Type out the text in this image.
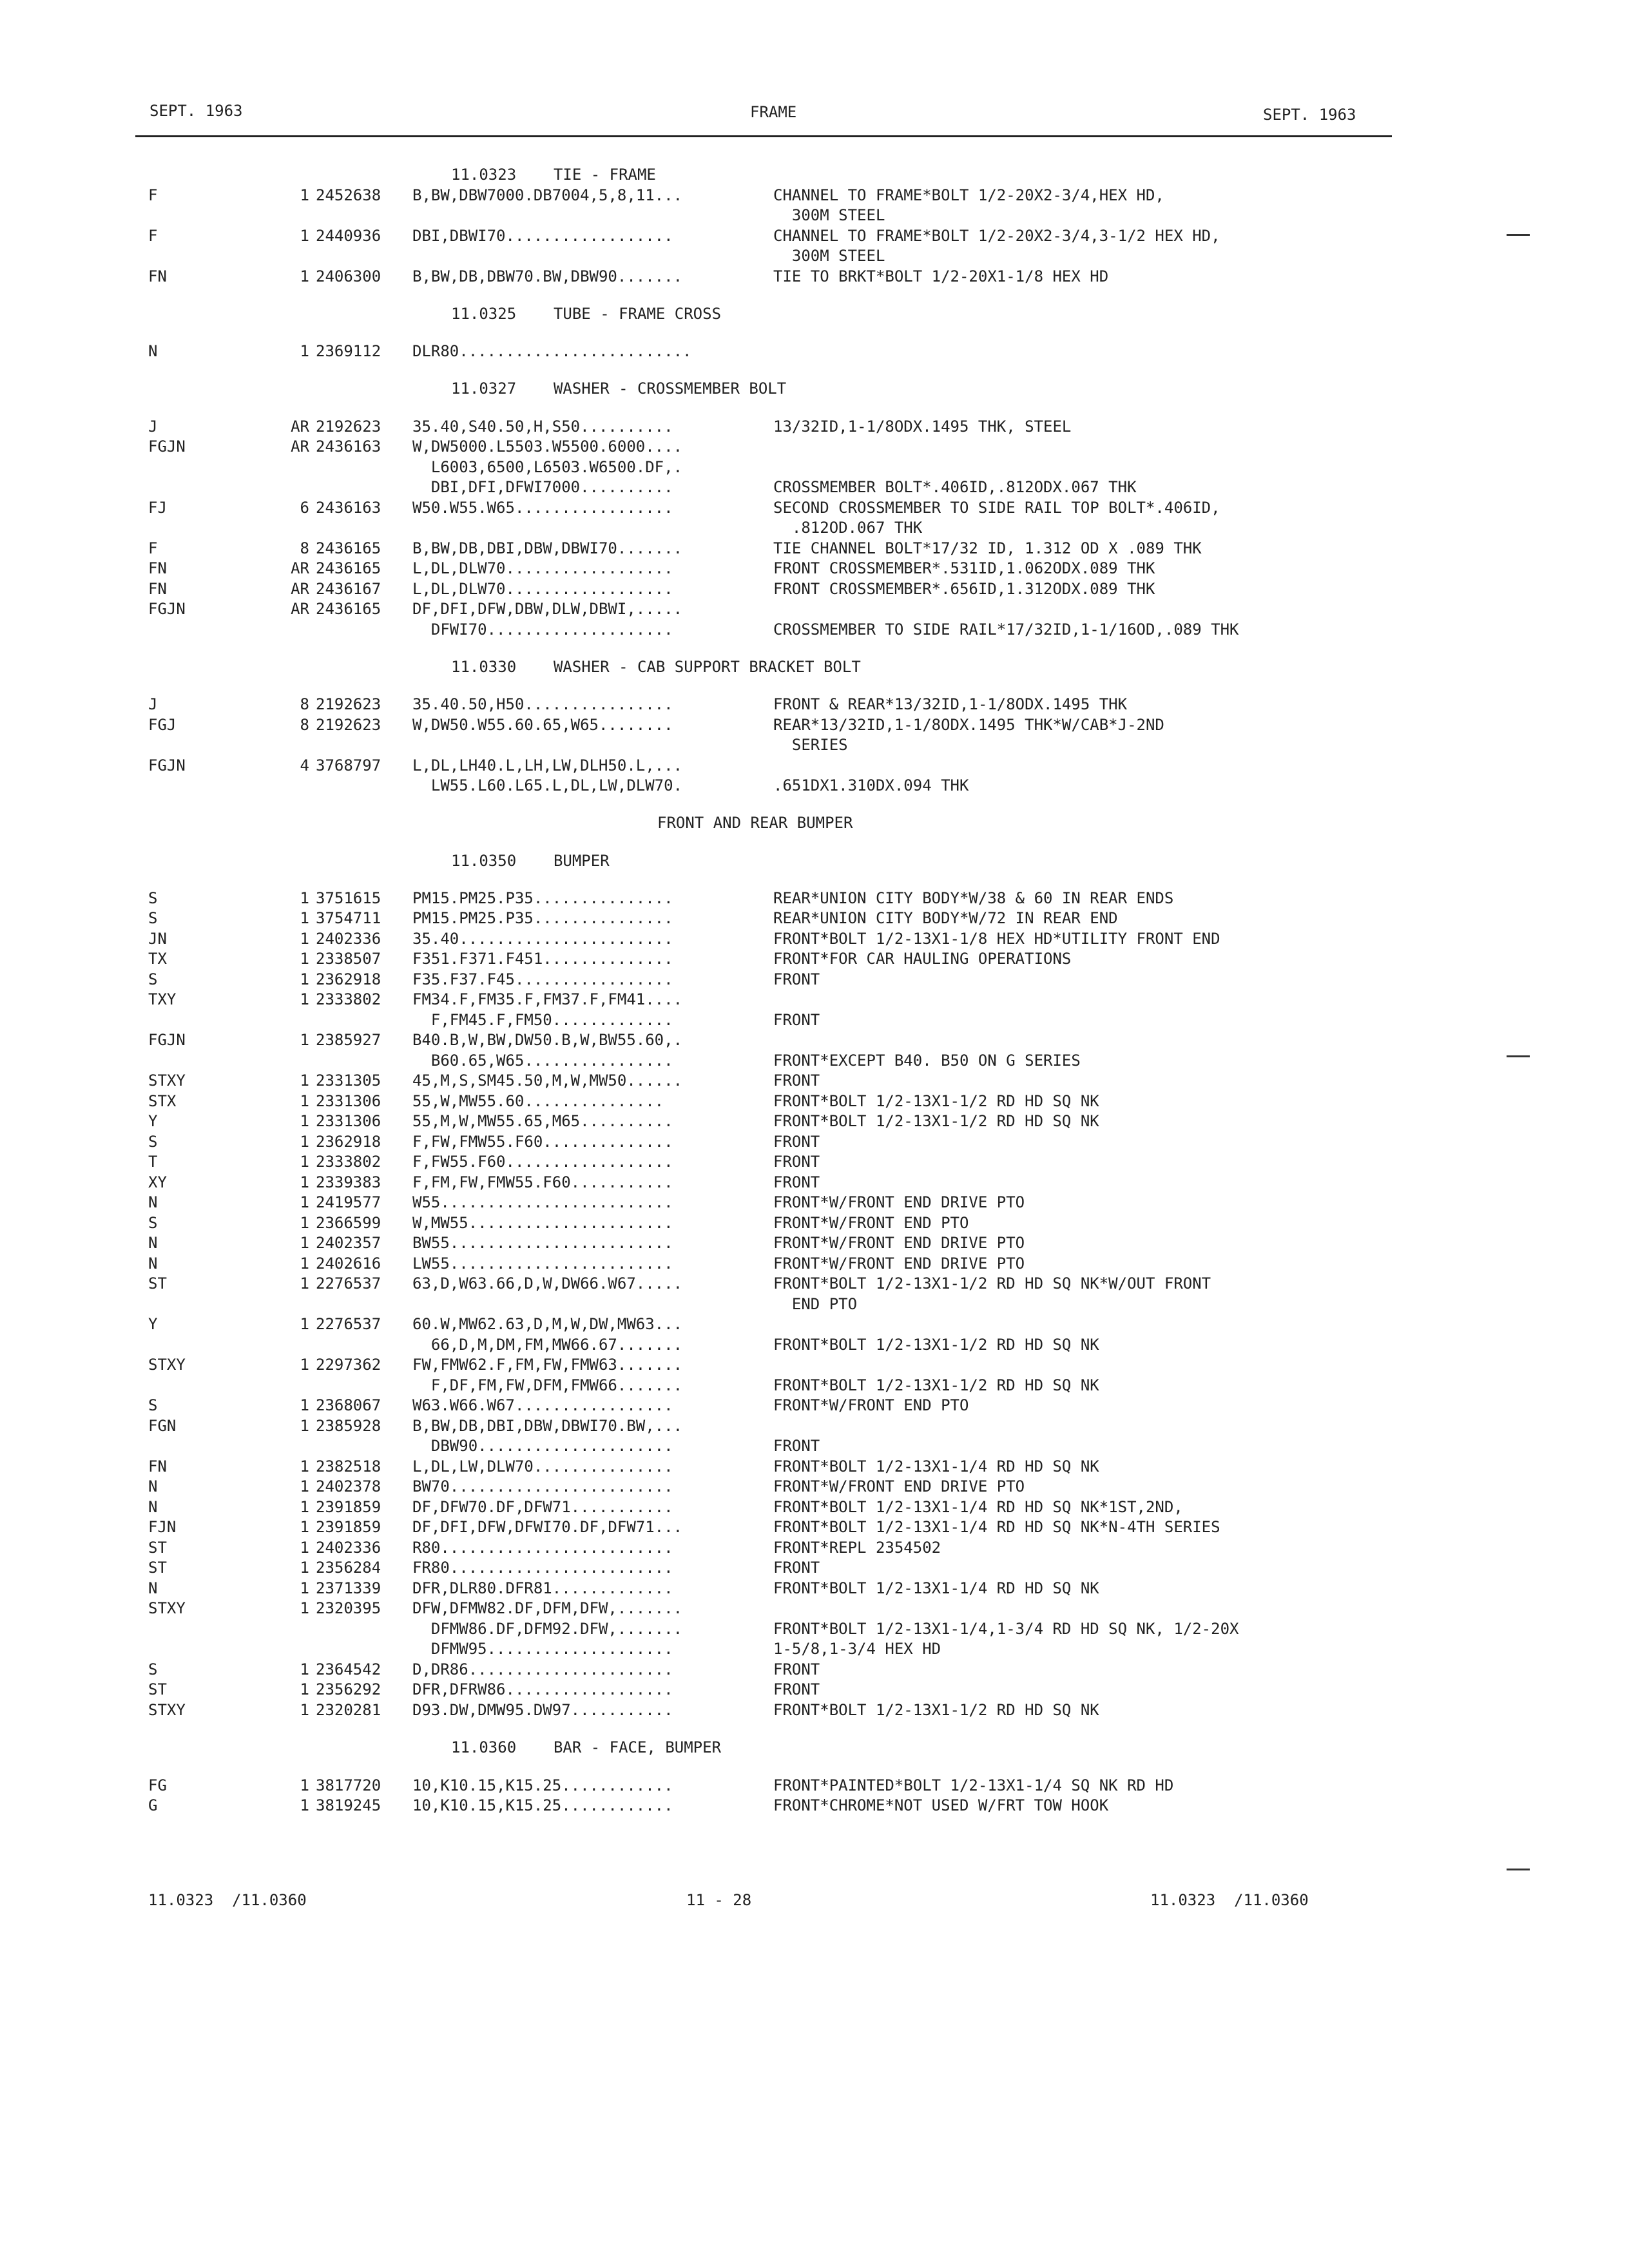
SEPT. 1963	FRAME	SEPT. 1963
11.0323    TIE - FRAME
F	1 2452638 B,BW,DBW7000.DB7004,5,8,11...	CHANNEL TO FRAME*BOLT 1/2-20X2-3/4,HEX HD,
300M STEEL
F	1 2440936 DBI,DBWI70..................	CHANNEL TO FRAME*BOLT 1/2-20X2-3/4,3-1/2 HEX HD,
300M STEEL
FN	1 2406300 B,BW,DB,DBW70.BW,DBW90.......	TIE TO BRKT*BOLT 1/2-20X1-1/8 HEX HD
11.0325    TUBE - FRAME CROSS
N	1 2369112 DLR80.........................
11.0327    WASHER - CROSSMEMBER BOLT
J	AR 2192623 35.40,S40.50,H,S50..........	13/32ID,1-1/8ODX.1495 THK, STEEL
FGJN	AR 2436163 W,DW5000.L5503.W5500.6000....
L6003,6500,L6503.W6500.DF,.
DBI,DFI,DFWI7000..........	CROSSMEMBER BOLT*.406ID,.812ODX.067 THK
FJ	6 2436163 W50.W55.W65.................	SECOND CROSSMEMBER TO SIDE RAIL TOP BOLT*.406ID,
.812OD.067 THK
F	8 2436165 B,BW,DB,DBI,DBW,DBWI70.......	TIE CHANNEL BOLT*17/32 ID, 1.312 OD X .089 THK
FN	AR 2436165 L,DL,DLW70..................	FRONT CROSSMEMBER*.531ID,1.062ODX.089 THK
FN	AR 2436167 L,DL,DLW70..................	FRONT CROSSMEMBER*.656ID,1.312ODX.089 THK
FGJN	AR 2436165 DF,DFI,DFW,DBW,DLW,DBWI,.....
DFWI70....................	CROSSMEMBER TO SIDE RAIL*17/32ID,1-1/16OD,.089 THK
11.0330    WASHER - CAB SUPPORT BRACKET BOLT
J	8 2192623 35.40.50,H50................	FRONT & REAR*13/32ID,1-1/8ODX.1495 THK
FGJ	8 2192623 W,DW50.W55.60.65,W65........	REAR*13/32ID,1-1/8ODX.1495 THK*W/CAB*J-2ND
SERIES
FGJN	4 3768797 L,DL,LH40.L,LH,LW,DLH50.L,...
LW55.L60.L65.L,DL,LW,DLW70.	.651DX1.310DX.094 THK
FRONT AND REAR BUMPER
11.0350    BUMPER
S	1 3751615 PM15.PM25.P35...............	REAR*UNION CITY BODY*W/38 & 60 IN REAR ENDS
S	1 3754711 PM15.PM25.P35...............	REAR*UNION CITY BODY*W/72 IN REAR END
JN	1 2402336 35.40.......................	FRONT*BOLT 1/2-13X1-1/8 HEX HD*UTILITY FRONT END
TX	1 2338507 F351.F371.F451..............	FRONT*FOR CAR HAULING OPERATIONS
S	1 2362918 F35.F37.F45.................	FRONT
TXY	1 2333802 FM34.F,FM35.F,FM37.F,FM41....
F,FM45.F,FM50.............	FRONT
FGJN	1 2385927 B40.B,W,BW,DW50.B,W,BW55.60,.
B60.65,W65................	FRONT*EXCEPT B40. B50 ON G SERIES
STXY	1 2331305 45,M,S,SM45.50,M,W,MW50......	FRONT
STX	1 2331306 55,W,MW55.60...............	FRONT*BOLT 1/2-13X1-1/2 RD HD SQ NK
Y	1 2331306 55,M,W,MW55.65,M65..........	FRONT*BOLT 1/2-13X1-1/2 RD HD SQ NK
S	1 2362918 F,FW,FMW55.F60..............	FRONT
T	1 2333802 F,FW55.F60..................	FRONT
XY	1 2339383 F,FM,FW,FMW55.F60...........	FRONT
N	1 2419577 W55.........................	FRONT*W/FRONT END DRIVE PTO
S	1 2366599 W,MW55......................	FRONT*W/FRONT END PTO
N	1 2402357 BW55........................	FRONT*W/FRONT END DRIVE PTO
N	1 2402616 LW55........................	FRONT*W/FRONT END DRIVE PTO
ST	1 2276537 63,D,W63.66,D,W,DW66.W67.....	FRONT*BOLT 1/2-13X1-1/2 RD HD SQ NK*W/OUT FRONT
END PTO
Y	1 2276537 60.W,MW62.63,D,M,W,DW,MW63...
66,D,M,DM,FM,MW66.67.......	FRONT*BOLT 1/2-13X1-1/2 RD HD SQ NK
STXY	1 2297362 FW,FMW62.F,FM,FW,FMW63.......
F,DF,FM,FW,DFM,FMW66.......	FRONT*BOLT 1/2-13X1-1/2 RD HD SQ NK
S	1 2368067 W63.W66.W67.................	FRONT*W/FRONT END PTO
FGN	1 2385928 B,BW,DB,DBI,DBW,DBWI70.BW,...
DBW90.....................	FRONT
FN	1 2382518 L,DL,LW,DLW70...............	FRONT*BOLT 1/2-13X1-1/4 RD HD SQ NK
N	1 2402378 BW70........................	FRONT*W/FRONT END DRIVE PTO
N	1 2391859 DF,DFW70.DF,DFW71...........	FRONT*BOLT 1/2-13X1-1/4 RD HD SQ NK*1ST,2ND,
FJN	1 2391859 DF,DFI,DFW,DFWI70.DF,DFW71...	FRONT*BOLT 1/2-13X1-1/4 RD HD SQ NK*N-4TH SERIES
ST	1 2402336 R80.........................	FRONT*REPL 2354502
ST	1 2356284 FR80........................	FRONT
N	1 2371339 DFR,DLR80.DFR81.............	FRONT*BOLT 1/2-13X1-1/4 RD HD SQ NK
STXY	1 2320395 DFW,DFMW82.DF,DFM,DFW,.......
DFMW86.DF,DFM92.DFW,.......	FRONT*BOLT 1/2-13X1-1/4,1-3/4 RD HD SQ NK, 1/2-20X
DFMW95....................	1-5/8,1-3/4 HEX HD
S	1 2364542 D,DR86......................	FRONT
ST	1 2356292 DFR,DFRW86..................	FRONT
STXY	1 2320281 D93.DW,DMW95.DW97...........	FRONT*BOLT 1/2-13X1-1/2 RD HD SQ NK
11.0360    BAR - FACE, BUMPER
FG	1 3817720 10,K10.15,K15.25............	FRONT*PAINTED*BOLT 1/2-13X1-1/4 SQ NK RD HD
G	1 3819245 10,K10.15,K15.25............	FRONT*CHROME*NOT USED W/FRT TOW HOOK
11.0323  /11.0360	11 - 28	11.0323  /11.0360
